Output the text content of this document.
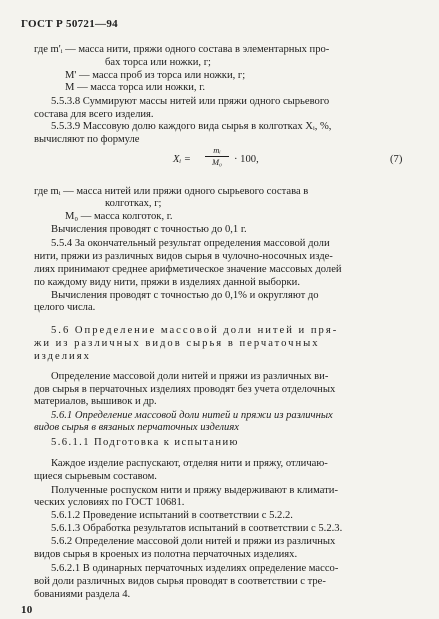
ГОСТ Р 50721—94
где m'ᵢ — масса нити, пряжи одного состава в элементарных про-
бах торса или ножки, г;
M' — масса проб из торса или ножки, г;
M — масса торса или ножки, г.
5.5.3.8 Суммируют массы нитей или пряжи одного сырьевого
состава для всего изделия.
5.5.3.9 Массовую долю каждого вида сырья в колготках Xᵢ, %,
вычисляют по формуле
Xᵢ =
mᵢ
M₀	· 100,	(7)
где mᵢ — масса нитей или пряжи одного сырьевого состава в
колготках, г;
M₀ — масса колготок, г.
Вычисления проводят с точностью до 0,1 г.
5.5.4 За окончательный результат определения массовой доли
нити, пряжи из различных видов сырья в чулочно-носочных изде-
лиях принимают среднее арифметическое значение массовых долей
по каждому виду нити, пряжи в изделиях данной выборки.
Вычисления проводят с точностью до 0,1% и округляют до
целого числа.
5.6 Определение массовой доли нитей и пря-
жи из различных видов сырья в перчаточных
изделиях
Определение массовой доли нитей и пряжи из различных ви-
дов сырья в перчаточных изделиях проводят без учета отделочных
материалов, вышивок и др.
5.6.1 Определение массовой доли нитей и пряжи из различных
видов сырья в вязаных перчаточных изделиях
5.6.1.1 Подготовка к испытанию
Каждое изделие распускают, отделяя нити и пряжу, отличаю-
щиеся сырьевым составом.
Полученные роспуском нити и пряжу выдерживают в климати-
ческих условиях по ГОСТ 10681.
5.6.1.2 Проведение испытаний в соответствии с 5.2.2.
5.6.1.3 Обработка результатов испытаний в соответствии с 5.2.3.
5.6.2 Определение массовой доли нитей и пряжи из различных
видов сырья в кроеных из полотна перчаточных изделиях.
5.6.2.1 В одинарных перчаточных изделиях определение массо-
вой доли различных видов сырья проводят в соответствии с тре-
бованиями раздела 4.
10
